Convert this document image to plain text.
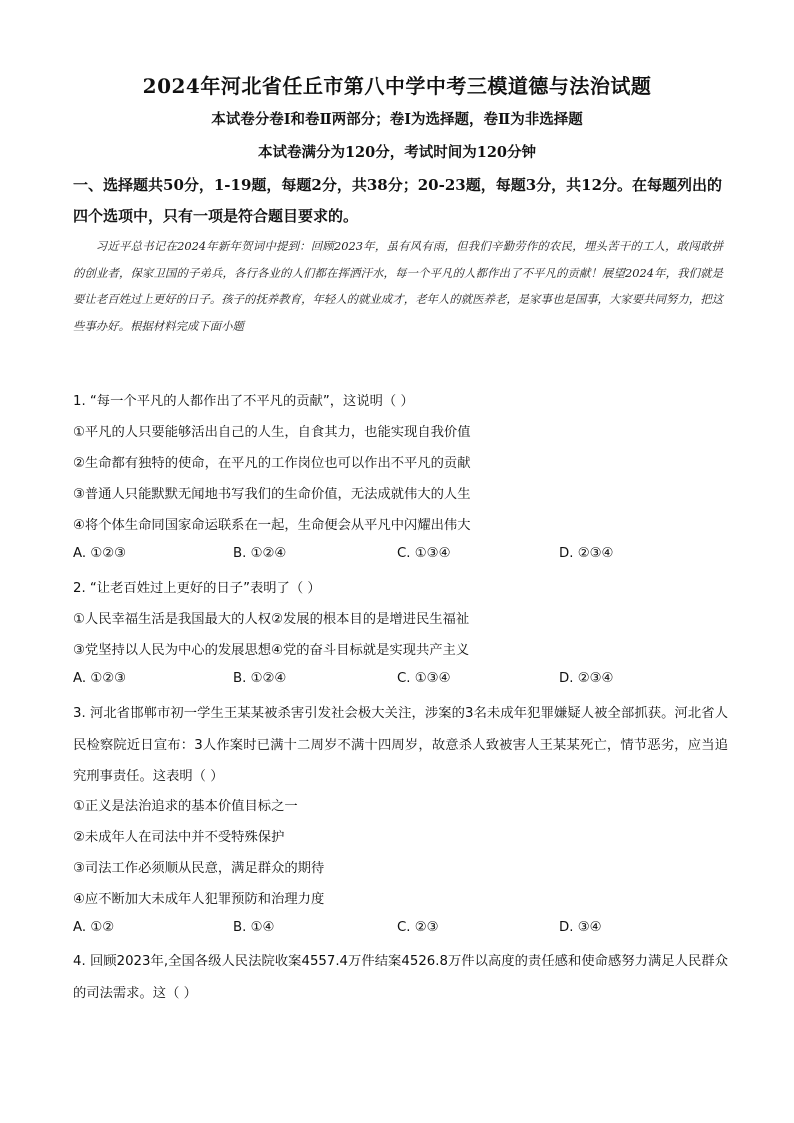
2024年河北省任丘市第八中学中考三模道德与法治试题
本试卷分卷Ⅰ和卷Ⅱ两部分；卷Ⅰ为选择题，卷Ⅱ为非选择题
本试卷满分为120分，考试时间为120分钟
一、选择题共50分，1-19题，每题2分，共38分；20-23题，每题3分，共12分。在每题列出的四个选项中，只有一项是符合题目要求的。
习近平总书记在2024年新年贺词中提到：回顾2023年，虽有风有雨，但我们辛勤劳作的农民，埋头苦干的工人，敢闯敢拼的创业者，保家卫国的子弟兵，各行各业的人们都在挥洒汗水，每一个平凡的人都作出了不平凡的贡献！展望2024年，我们就是要让老百姓过上更好的日子。孩子的抚养教育，年轻人的就业成才，老年人的就医养老，是家事也是国事，大家要共同努力，把这些事办好。根据材料完成下面小题
1. “每一个平凡的人都作出了不平凡的贡献”，这说明（ ）
①平凡的人只要能够活出自己的人生，自食其力，也能实现自我价值
②生命都有独特的使命，在平凡的工作岗位也可以作出不平凡的贡献
③普通人只能默默无闻地书写我们的生命价值，无法成就伟大的人生
④将个体生命同国家命运联系在一起，生命便会从平凡中闪耀出伟大
A. ①②③	B. ①②④	C. ①③④	D. ②③④
2. “让老百姓过上更好的日子”表明了（ ）
①人民幸福生活是我国最大的人权②发展的根本目的是增进民生福祉
③党坚持以人民为中心的发展思想④党的奋斗目标就是实现共产主义
A. ①②③	B. ①②④	C. ①③④	D. ②③④
3. 河北省邯郸市初一学生王某某被杀害引发社会极大关注，涉案的3名未成年犯罪嫌疑人被全部抓获。河北省人民检察院近日宣布：3人作案时已满十二周岁不满十四周岁，故意杀人致被害人王某某死亡，情节恶劣，应当追究刑事责任。这表明（ ）
①正义是法治追求的基本价值目标之一
②未成年人在司法中并不受特殊保护
③司法工作必须顺从民意，满足群众的期待
④应不断加大未成年人犯罪预防和治理力度
A. ①②	B. ①④	C. ②③	D. ③④
4. 回顾2023年,全国各级人民法院收案4557.4万件结案4526.8万件以高度的责任感和使命感努力满足人民群众的司法需求。这（ ）
